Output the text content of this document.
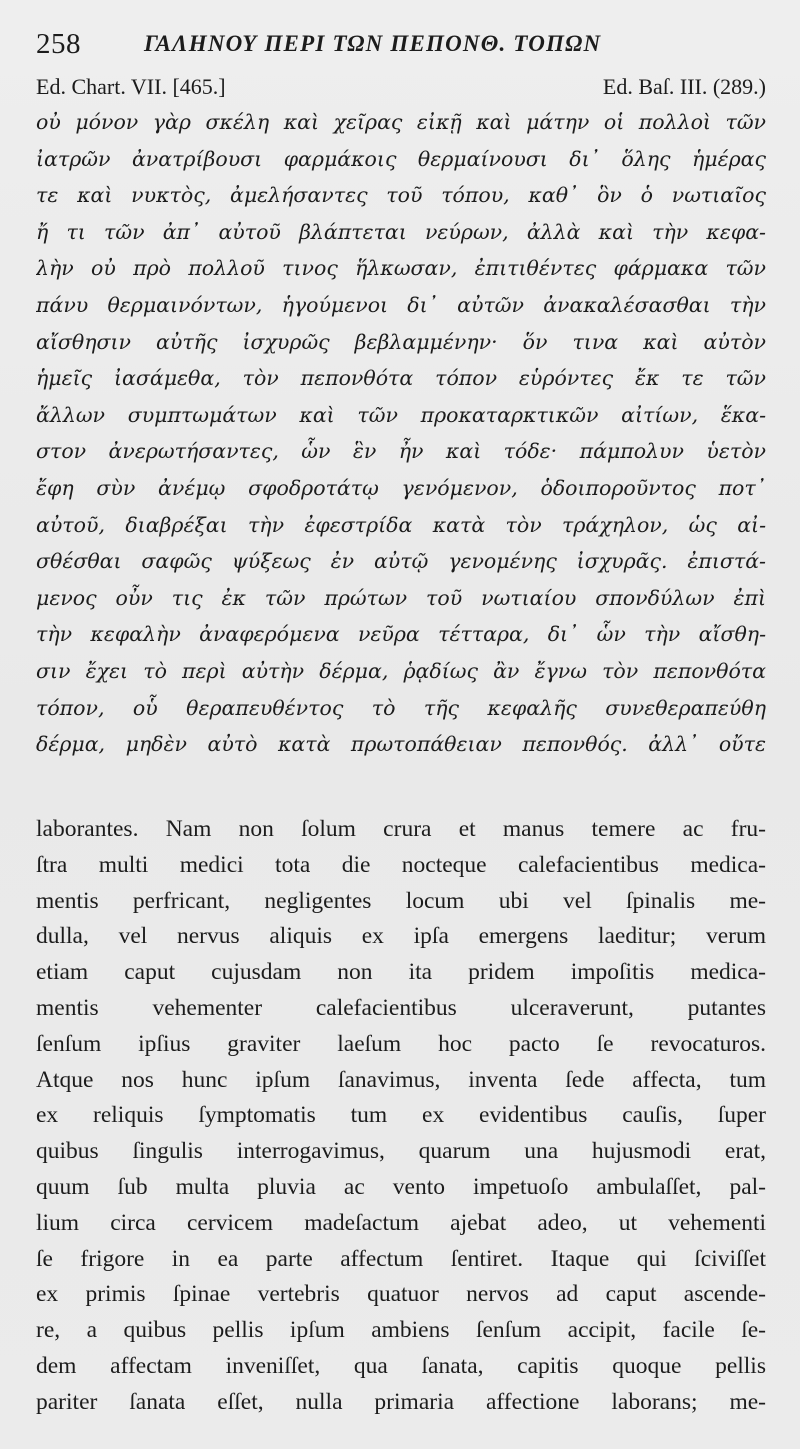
258	ΓΑΛΗΝΟΥ ΠΕΡΙ ΤΩΝ ΠΕΠΟΝΘ. ΤΟΠΩΝ
Ed. Chart. VII. [465.]	Ed. Baſ. III. (289.)
οὐ μόνον γὰρ σκέλη καὶ χεῖρας εἰκῇ καὶ μάτην οἱ πολλοὶ τῶν
ἰατρῶν ἀνατρίβουσι φαρμάκοις θερμαίνουσι δι᾽ ὅλης ἡμέρας
τε καὶ νυκτὸς, ἀμελήσαντες τοῦ τόπου, καθ᾽ ὃν ὁ νωτιαῖος
ἤ τι τῶν ἀπ᾽ αὐτοῦ βλάπτεται νεύρων, ἀλλὰ καὶ τὴν κεφα-
λὴν οὐ πρὸ πολλοῦ τινος ἥλκωσαν, ἐπιτιθέντες φάρμακα τῶν
πάνυ θερμαινόντων, ἡγούμενοι δι᾽ αὐτῶν ἀνακαλέσασθαι τὴν
αἴσθησιν αὐτῆς ἰσχυρῶς βεβλαμμένην· ὅν τινα καὶ αὐτὸν
ἡμεῖς ἰασάμεθα, τὸν πεπονθότα τόπον εὑρόντες ἔκ τε τῶν
ἄλλων συμπτωμάτων καὶ τῶν προκαταρκτικῶν αἰτίων, ἕκα-
στον ἀνερωτήσαντες, ὧν ἓν ἦν καὶ τόδε· πάμπολυν ὑετὸν
ἔφη σὺν ἀνέμῳ σφοδροτάτῳ γενόμενον, ὁδοιποροῦντος ποτ᾽
αὐτοῦ, διαβρέξαι τὴν ἐφεστρίδα κατὰ τὸν τράχηλον, ὡς αἰ-
σθέσθαι σαφῶς ψύξεως ἐν αὐτῷ γενομένης ἰσχυρᾶς. ἐπιστά-
μενος οὖν τις ἐκ τῶν πρώτων τοῦ νωτιαίου σπονδύλων ἐπὶ
τὴν κεφαλὴν ἀναφερόμενα νεῦρα τέτταρα, δι᾽ ὧν τὴν αἴσθη-
σιν ἔχει τὸ περὶ αὐτὴν δέρμα, ῥᾳδίως ἂν ἔγνω τὸν πεπονθότα
τόπον, οὗ θεραπευθέντος τὸ τῆς κεφαλῆς συνεθεραπεύθη
δέρμα, μηδὲν αὐτὸ κατὰ πρωτοπάθειαν πεπονθός. ἀλλ᾽ οὔτε
laborantes. Nam non ſolum crura et manus temere ac fru-
ſtra multi medici tota die nocteque calefacientibus medica-
mentis perfricant, negligentes locum ubi vel ſpinalis me-
dulla, vel nervus aliquis ex ipſa emergens laeditur; verum
etiam caput cujusdam non ita pridem impoſitis medica-
mentis vehementer calefacientibus ulceraverunt, putantes
ſenſum ipſius graviter laeſum hoc pacto ſe revocaturos.
Atque nos hunc ipſum ſanavimus, inventa ſede affecta, tum
ex reliquis ſymptomatis tum ex evidentibus cauſis, ſuper
quibus ſingulis interrogavimus, quarum una hujusmodi erat,
quum ſub multa pluvia ac vento impetuoſo ambulaſſet, pal-
lium circa cervicem madeſactum ajebat adeo, ut vehementi
ſe frigore in ea parte affectum ſentiret. Itaque qui ſciviſſet
ex primis ſpinae vertebris quatuor nervos ad caput ascende-
re, a quibus pellis ipſum ambiens ſenſum accipit, facile ſe-
dem affectam inveniſſet, qua ſanata, capitis quoque pellis
pariter ſanata eſſet, nulla primaria affectione laborans; me-
